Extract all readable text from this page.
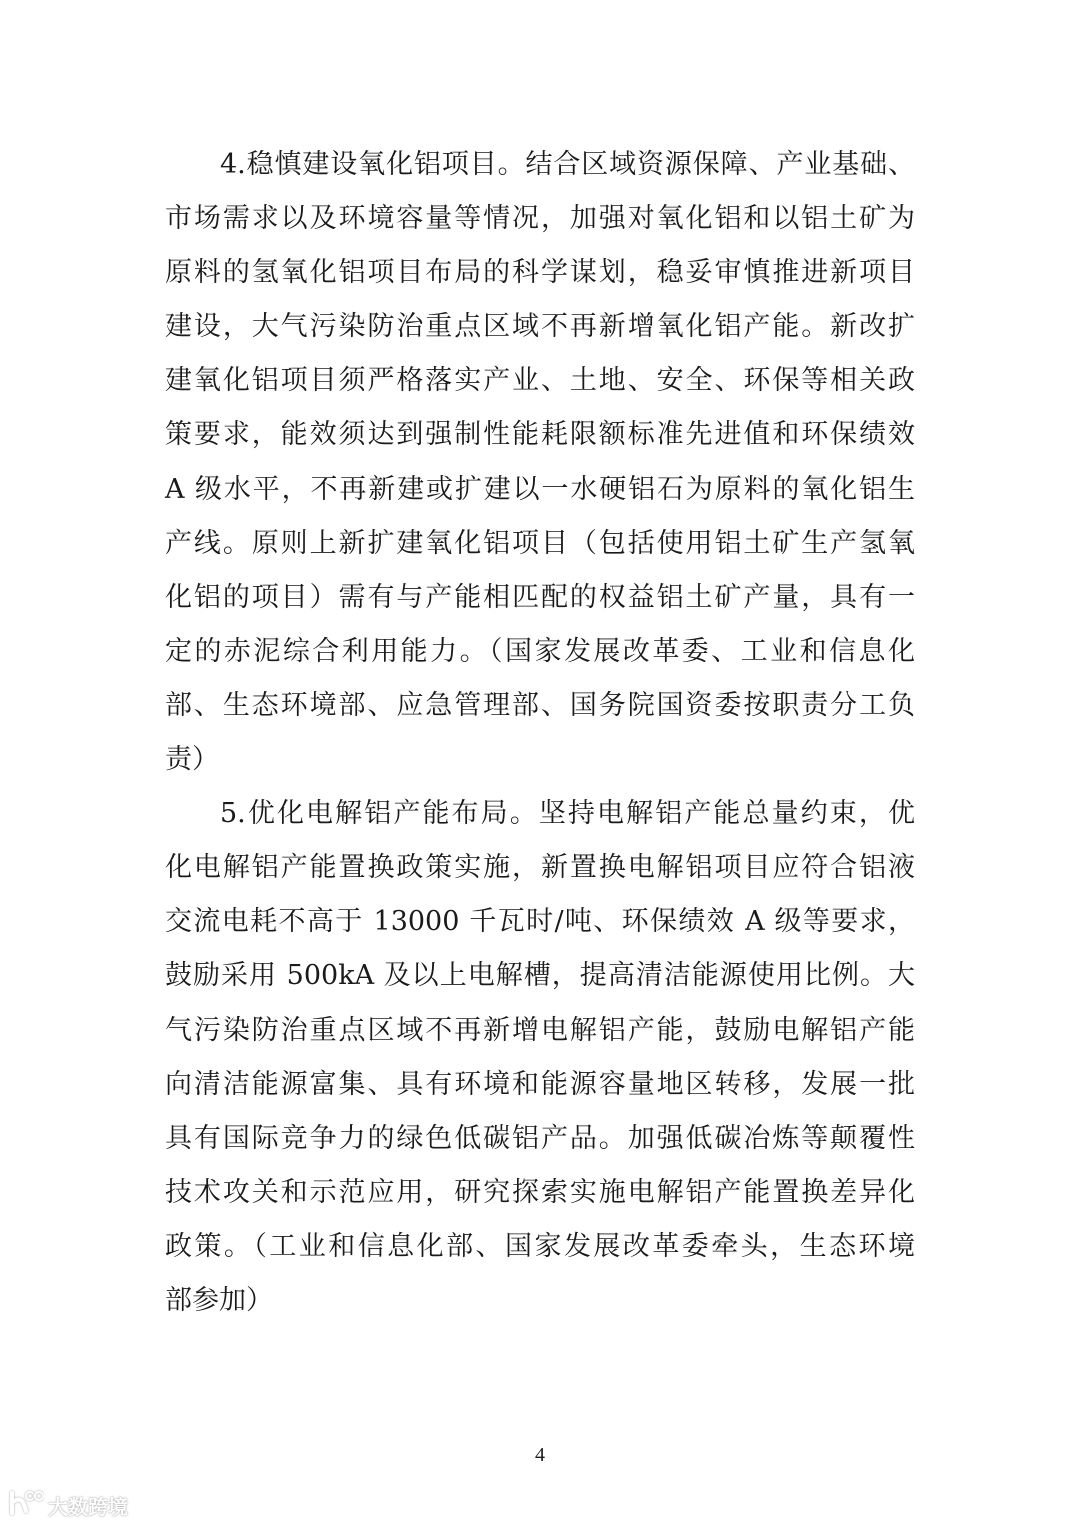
4.稳慎建设氧化铝项目。结合区域资源保障、产业基础、
市场需求以及环境容量等情况，加强对氧化铝和以铝土矿为
原料的氢氧化铝项目布局的科学谋划，稳妥审慎推进新项目
建设，大气污染防治重点区域不再新增氧化铝产能。新改扩
建氧化铝项目须严格落实产业、土地、安全、环保等相关政
策要求，能效须达到强制性能耗限额标准先进值和环保绩效
A 级水平，不再新建或扩建以一水硬铝石为原料的氧化铝生
产线。原则上新扩建氧化铝项目（包括使用铝土矿生产氢氧
化铝的项目）需有与产能相匹配的权益铝土矿产量，具有一
定的赤泥综合利用能力。（国家发展改革委、工业和信息化
部、生态环境部、应急管理部、国务院国资委按职责分工负
责）
5.优化电解铝产能布局。坚持电解铝产能总量约束，优
化电解铝产能置换政策实施，新置换电解铝项目应符合铝液
交流电耗不高于 13000 千瓦时/吨、环保绩效 A 级等要求，
鼓励采用 500kA 及以上电解槽，提高清洁能源使用比例。大
气污染防治重点区域不再新增电解铝产能，鼓励电解铝产能
向清洁能源富集、具有环境和能源容量地区转移，发展一批
具有国际竞争力的绿色低碳铝产品。加强低碳冶炼等颠覆性
技术攻关和示范应用，研究探索实施电解铝产能置换差异化
政策。（工业和信息化部、国家发展改革委牵头，生态环境
部参加）
4
大数跨境
